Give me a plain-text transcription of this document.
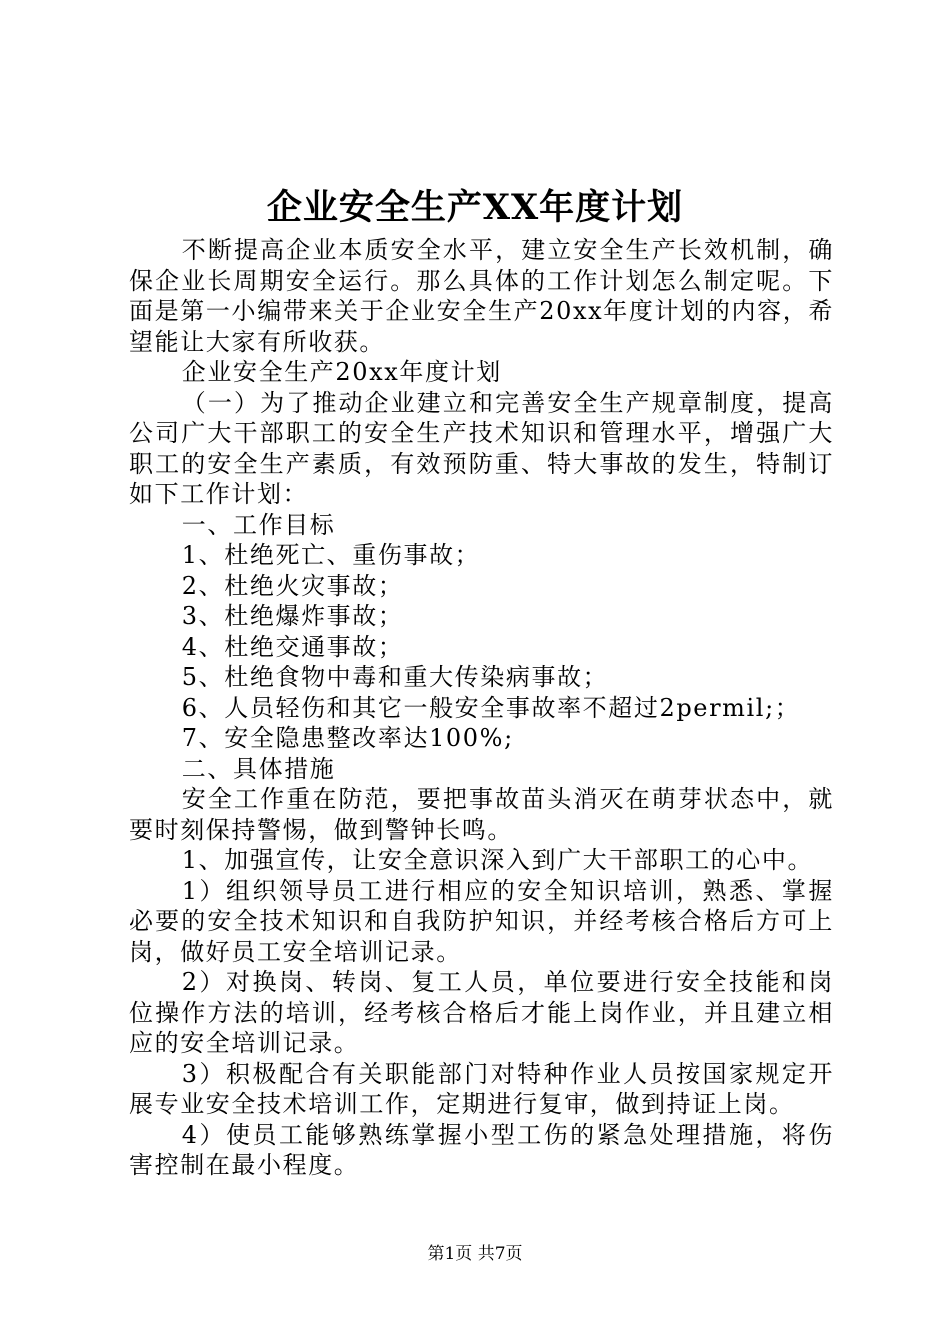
企业安全生产XX年度计划

不断提高企业本质安全水平，建立安全生产长效机制，确保企业长周期安全运行。那么具体的工作计划怎么制定呢。下面是第一小编带来关于企业安全生产20xx年度计划的内容，希望能让大家有所收获。

企业安全生产20xx年度计划

（一）为了推动企业建立和完善安全生产规章制度，提高公司广大干部职工的安全生产技术知识和管理水平，增强广大职工的安全生产素质，有效预防重、特大事故的发生，特制订如下工作计划：

一、工作目标

1、杜绝死亡、重伤事故；

2、杜绝火灾事故；

3、杜绝爆炸事故；

4、杜绝交通事故；

5、杜绝食物中毒和重大传染病事故；

6、人员轻伤和其它一般安全事故率不超过2permil;；

7、安全隐患整改率达100%;

二、具体措施

安全工作重在防范，要把事故苗头消灭在萌芽状态中，就要时刻保持警惕，做到警钟长鸣。

1、加强宣传，让安全意识深入到广大干部职工的心中。

1）组织领导员工进行相应的安全知识培训，熟悉、掌握必要的安全技术知识和自我防护知识，并经考核合格后方可上岗，做好员工安全培训记录。

2）对换岗、转岗、复工人员，单位要进行安全技能和岗位操作方法的培训，经考核合格后才能上岗作业，并且建立相应的安全培训记录。

3）积极配合有关职能部门对特种作业人员按国家规定开展专业安全技术培训工作，定期进行复审，做到持证上岗。

4）使员工能够熟练掌握小型工伤的紧急处理措施，将伤害控制在最小程度。

第1页 共7页
